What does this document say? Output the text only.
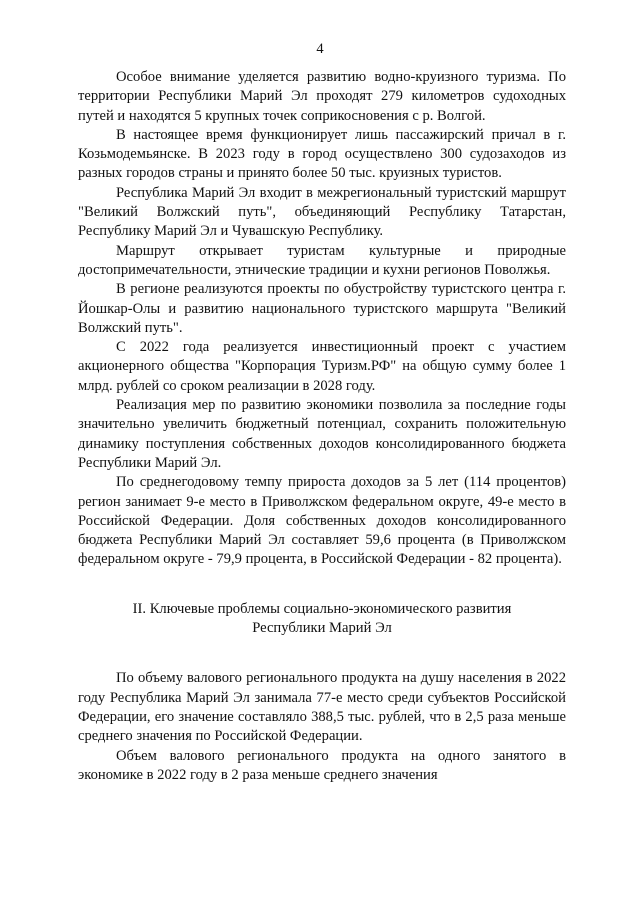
4

Особое внимание уделяется развитию водно-круизного туризма. По территории Республики Марий Эл проходят 279 километров судоходных путей и находятся 5 крупных точек соприкосновения с р. Волгой.

В настоящее время функционирует лишь пассажирский причал в г. Козьмодемьянске. В 2023 году в город осуществлено 300 судозаходов из разных городов страны и принято более 50 тыс. круизных туристов.

Республика Марий Эл входит в межрегиональный туристский маршрут "Великий Волжский путь", объединяющий Республику Татарстан, Республику Марий Эл и Чувашскую Республику.

Маршрут открывает туристам культурные и природные достопримечательности, этнические традиции и кухни регионов Поволжья.

В регионе реализуются проекты по обустройству туристского центра г. Йошкар-Олы и развитию национального туристского маршрута "Великий Волжский путь".

С 2022 года реализуется инвестиционный проект с участием акционерного общества "Корпорация Туризм.РФ" на общую сумму более 1 млрд. рублей со сроком реализации в 2028 году.

Реализация мер по развитию экономики позволила за последние годы значительно увеличить бюджетный потенциал, сохранить положительную динамику поступления собственных доходов консолидированного бюджета Республики Марий Эл.

По среднегодовому темпу прироста доходов за 5 лет (114 процентов) регион занимает 9-е место в Приволжском федеральном округе, 49-е место в Российской Федерации. Доля собственных доходов консолидированного бюджета Республики Марий Эл составляет 59,6 процента (в Приволжском федеральном округе - 79,9 процента, в Российской Федерации - 82 процента).

II. Ключевые проблемы социально-экономического развития
Республики Марий Эл

По объему валового регионального продукта на душу населения в 2022 году Республика Марий Эл занимала 77-е место среди субъектов Российской Федерации, его значение составляло 388,5 тыс. рублей, что в 2,5 раза меньше среднего значения по Российской Федерации.

Объем валового регионального продукта на одного занятого в экономике в 2022 году в 2 раза меньше среднего значения
